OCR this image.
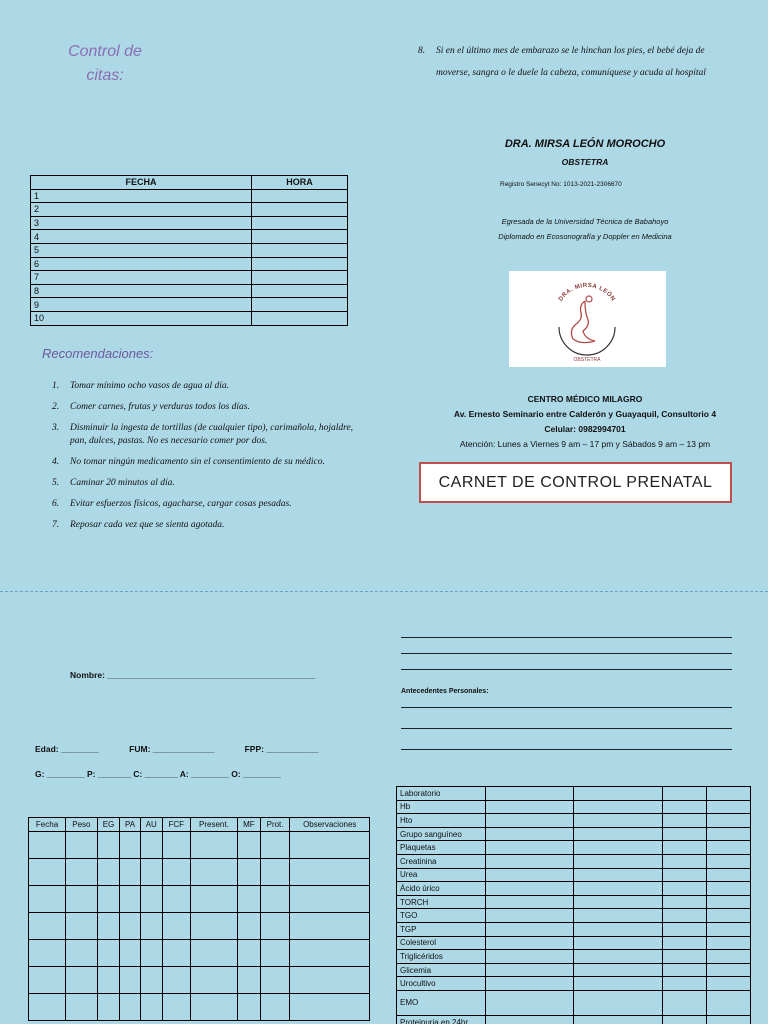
Control de
citas:
FECHA	HORA
1	
2	
3	
4	
5	
6	
7	
8	
9	
10	
Recomendaciones:
1.	Tomar mínimo ocho vasos de agua al día.
2.	Comer carnes, frutas y verduras todos los días.
3.	Disminuir la ingesta de tortillas (de cualquier tipo), carimañola, hojaldre, pan, dulces, pastas. No es necesario comer por dos.
4.	No tomar ningún medicamento sin el consentimiento de su médico.
5.	Caminar 20 minutos al día.
6.	Evitar esfuerzos físicos, agacharse, cargar cosas pesadas.
7.	Reposar cada vez que se sienta agotada.
8.	Si en el último mes de embarazo se le hinchan los pies, el bebé deja de moverse, sangra o le duele la cabeza, comuníquese y acuda al hospital
DRA. MIRSA LEÓN MOROCHO
OBSTETRA
Registro Senecyt No: 1013-2021-2306670
Egresada de la Universidad Técnica de Babahoyo
Diplomado en Ecosonografía y Doppler en Medicina
DRA. MIRSA LEÓN
OBSTETRA
CENTRO MÉDICO MILAGRO
Av. Ernesto Seminario entre Calderón y Guayaquil, Consultorio 4
Celular: 0982994701
Atención: Lunes a Viernes 9 am – 17 pm y Sábados 9 am – 13 pm
CARNET DE CONTROL PRENATAL
Nombre: ____________________________________________
Edad: ________	FUM: _____________	FPP: ___________
G: ________ P: _______ C: _______ A: ________ O: ________
Fecha	Peso	EG	PA	AU	FCF	Present.	MF	Prot.	Observaciones

Antecedentes Personales:
Laboratorio				
Hb				
Hto				
Grupo sanguíneo				
Plaquetas				
Creatinina				
Urea				
Ácido úrico				
TORCH				
TGO				
TGP				
Colesterol				
Triglicéridos				
Glicemia				
Urocultivo				
EMO				
Proteinuria en 24hr				
